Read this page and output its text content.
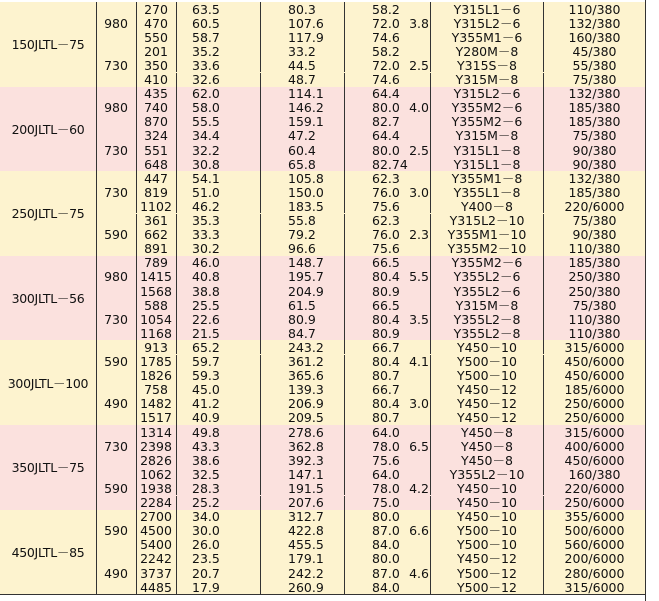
150JLTL－75
980	3.8
270	63.5	80.3	58.2	Y315L1－6	110/380
470	60.5	107.6	72.0	Y315L2－6	132/380
550	58.7	117.9	74.6	Y355M1－6	160/380
730	2.5
201	35.2	33.2	58.2	Y280M－8	45/380
350	33.6	44.5	72.0	Y315S－8	55/380
410	32.6	48.7	74.6	Y315M－8	75/380
200JLTL－60
980	4.0
435	62.0	114.1	64.4	Y315L2－6	132/380
740	58.0	146.2	80.0	Y355M2－6	185/380
870	55.5	159.1	82.7	Y355M2－6	185/380
730	2.5
324	34.4	47.2	64.4	Y315M－8	75/380
551	32.2	60.4	80.0	Y315L1－8	90/380
648	30.8	65.8	82.74	Y315L1－8	90/380
250JLTL－75
730	3.0
447	54.1	105.8	62.3	Y355M1－8	132/380
819	51.0	150.0	76.0	Y355L1－8	185/380
1102	46.2	183.5	75.6	Y400－8	220/6000
590	2.3
361	35.3	55.8	62.3	Y315L2－10	75/380
662	33.3	79.2	76.0	Y355M1－10	90/380
891	30.2	96.6	75.6	Y355M2－10	110/380
300JLTL－56
980	5.5
789	46.0	148.7	66.5	Y355M2－6	185/380
1415	40.8	195.7	80.4	Y355L2－6	250/380
1568	38.8	204.9	80.9	Y355L2－6	250/380
730	3.5
588	25.5	61.5	66.5	Y315M－8	75/380
1054	22.6	80.9	80.4	Y355L2－8	110/380
1168	21.5	84.7	80.9	Y355L2－8	110/380
300JLTL－100
590	4.1
913	65.2	243.2	66.7	Y450－10	315/6000
1785	59.7	361.2	80.4	Y500－10	450/6000
1826	59.3	365.6	80.7	Y500－10	450/6000
490	3.0
758	45.0	139.3	66.7	Y450－12	185/6000
1482	41.2	206.9	80.4	Y450－12	250/6000
1517	40.9	209.5	80.7	Y450－12	250/6000
350JLTL－75
730	6.5
1314	49.8	278.6	64.0	Y450－8	315/6000
2398	43.3	362.8	78.0	Y450－8	400/6000
2826	38.6	392.3	75.6	Y450－8	450/6000
590	4.2
1062	32.5	147.1	64.0	Y355L2－10	160/380
1938	28.3	191.5	78.0	Y450－10	220/6000
2284	25.2	207.6	75.0	Y450－10	250/6000
450JLTL－85
590	6.6
2700	34.0	312.7	80.0	Y450－10	355/6000
4500	30.0	422.8	87.0	Y500－10	500/6000
5400	26.0	455.5	84.0	Y500－10	560/6000
490	4.6
2242	23.5	179.1	80.0	Y450－12	200/6000
3737	20.7	242.2	87.0	Y500－12	280/6000
4485	17.9	260.9	84.0	Y500－12	315/6000
